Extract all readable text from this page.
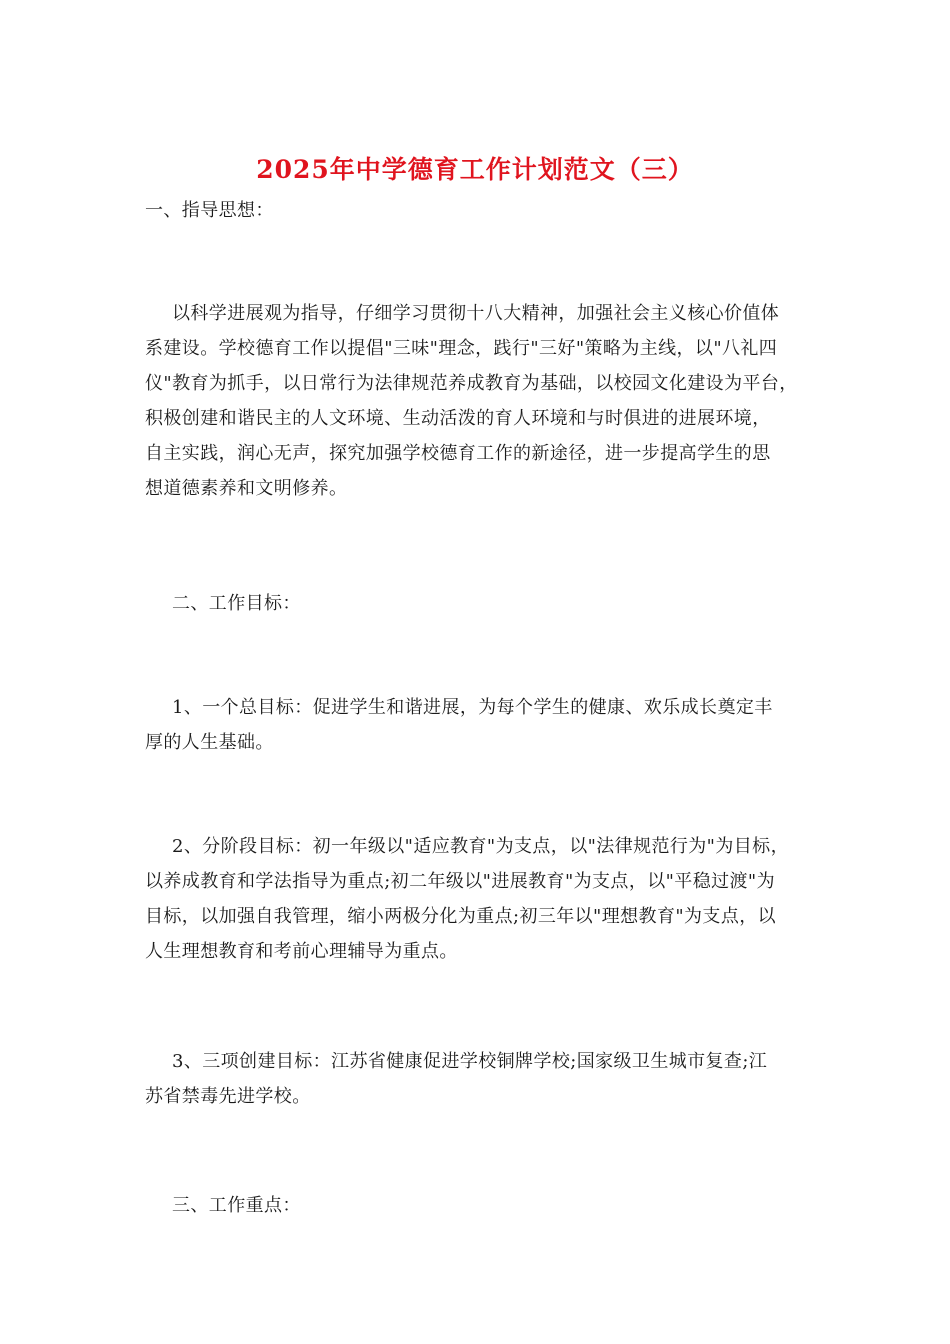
2025年中学德育工作计划范文（三）
一、指导思想：
以科学进展观为指导，仔细学习贯彻十八大精神，加强社会主义核心价值体
系建设。学校德育工作以提倡"三味"理念，践行"三好"策略为主线，以"八礼四
仪"教育为抓手，以日常行为法律规范养成教育为基础，以校园文化建设为平台，
积极创建和谐民主的人文环境、生动活泼的育人环境和与时俱进的进展环境，
自主实践，润心无声，探究加强学校德育工作的新途径，进一步提高学生的思
想道德素养和文明修养。
二、工作目标：
1、一个总目标：促进学生和谐进展，为每个学生的健康、欢乐成长奠定丰
厚的人生基础。
2、分阶段目标：初一年级以"适应教育"为支点，以"法律规范行为"为目标，
以养成教育和学法指导为重点;初二年级以"进展教育"为支点，以"平稳过渡"为
目标，以加强自我管理，缩小两极分化为重点;初三年以"理想教育"为支点，以
人生理想教育和考前心理辅导为重点。
3、三项创建目标：江苏省健康促进学校铜牌学校;国家级卫生城市复查;江
苏省禁毒先进学校。
三、工作重点：
